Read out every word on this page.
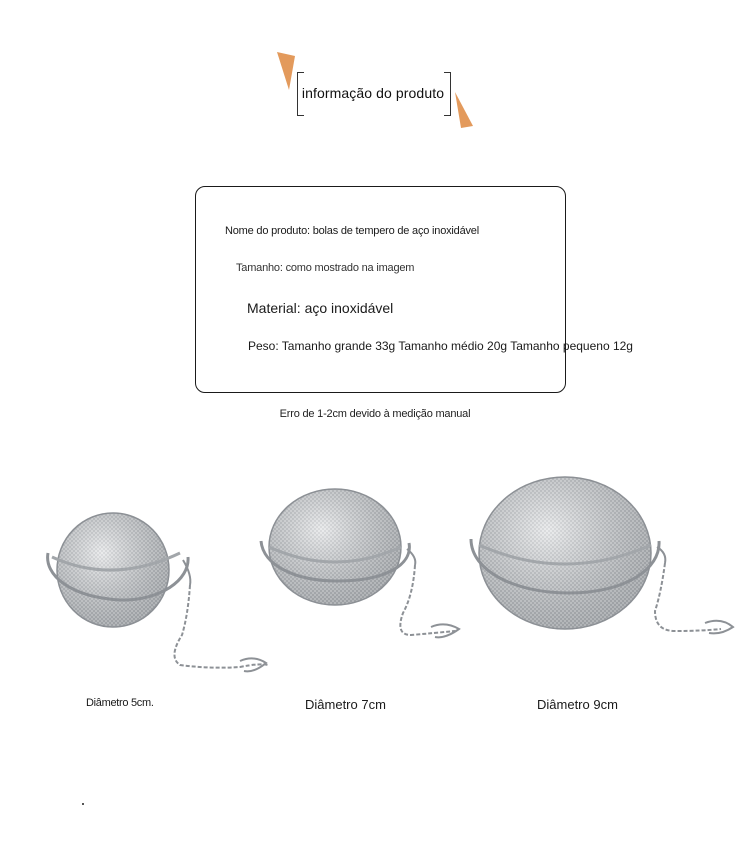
informação do produto
Nome do produto: bolas de tempero de aço inoxidável
Tamanho: como mostrado na imagem
Material: aço inoxidável
Peso: Tamanho grande 33g Tamanho médio 20g Tamanho pequeno 12g
Erro de 1-2cm devido à medição manual
Diâmetro 5cm.	Diâmetro 7cm	Diâmetro 9cm
